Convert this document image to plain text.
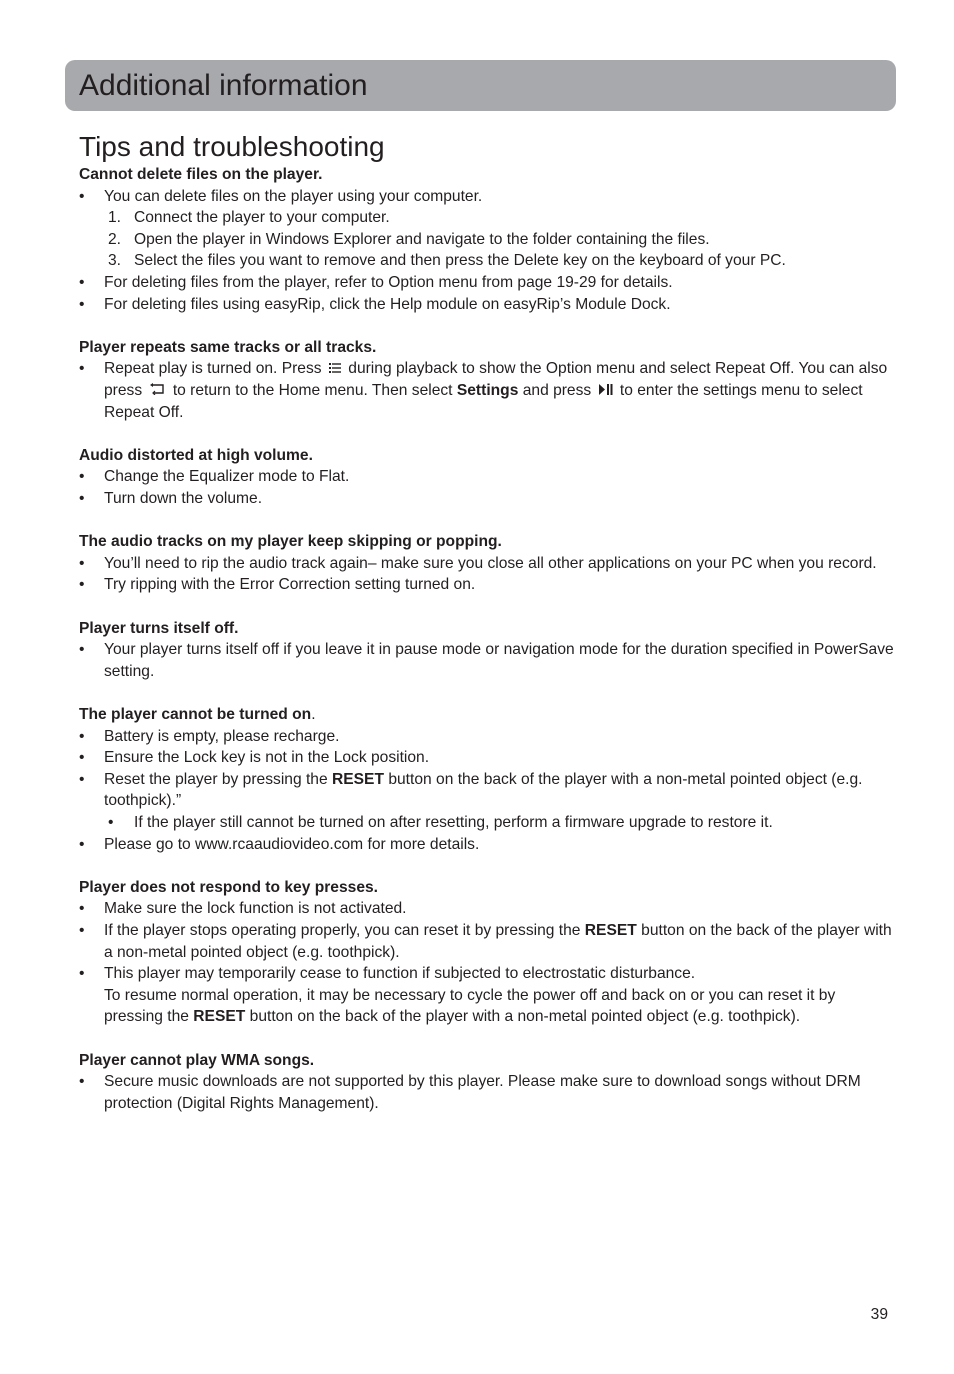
Additional information
Tips and troubleshooting
Cannot delete files on the player.
•	You can delete files on the player using your computer.
1. Connect the player to your computer.
2. Open the player in Windows Explorer and navigate to the folder containing the files.
3. Select the files you want to remove and then press the Delete key on the keyboard of your PC.
•	For deleting files from the player, refer to Option menu from page 19-29 for details.
•	For deleting files using easyRip, click the Help module on easyRip’s Module Dock.
Player repeats same tracks or all tracks.
•	Repeat play is turned on. Press during playback to show the Option menu and select Repeat Off. You can also press to return to the Home menu. Then select Settings and press to enter the settings menu to select Repeat Off.
Audio distorted at high volume.
•	Change the Equalizer mode to Flat.
•	Turn down the volume.
The audio tracks on my player keep skipping or popping.
•	You’ll need to rip the audio track again– make sure you close all other applications on your PC when you record.
•	Try ripping with the Error Correction setting turned on.
Player turns itself off.
•	Your player turns itself off if you leave it in pause mode or navigation mode for the duration specified in PowerSave setting.
The player cannot be turned on.
•	Battery is empty, please recharge.
•	Ensure the Lock key is not in the Lock position.
•	Reset the player by pressing the RESET button on the back of the player with a non-metal pointed object (e.g. toothpick).”
•	If the player still cannot be turned on after resetting, perform a firmware upgrade to restore it.
•	Please go to www.rcaaudiovideo.com for more details.
Player does not respond to key presses.
•	Make sure the lock function is not activated.
•	If the player stops operating properly, you can reset it by pressing the RESET button on the back of the player with a non-metal pointed object (e.g. toothpick).
•	This player may temporarily cease to function if subjected to electrostatic disturbance.
To resume normal operation, it may be necessary to cycle the power off and back on or you can reset it by pressing the RESET button on the back of the player with a non-metal pointed object (e.g. toothpick).
Player cannot play WMA songs.
•	Secure music downloads are not supported by this player. Please make sure to download songs without DRM protection (Digital Rights Management).
39
